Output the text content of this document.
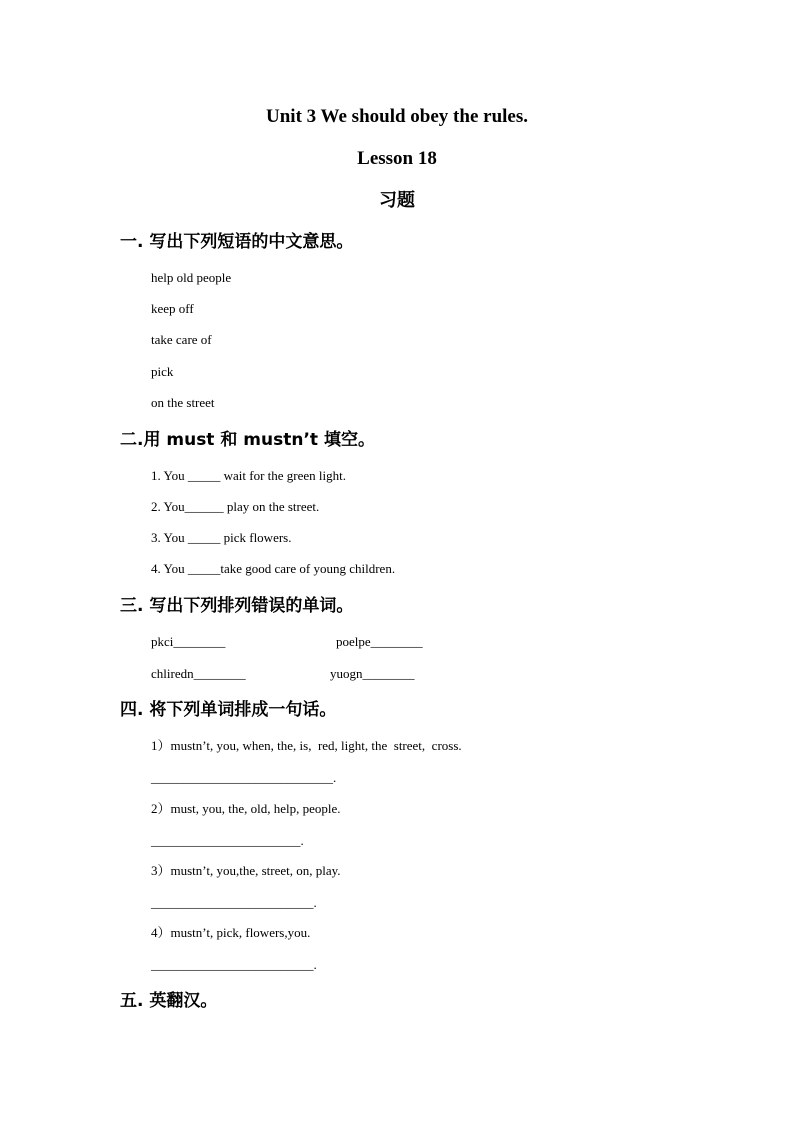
Unit 3 We should obey the rules.
Lesson 18
习题

一. 写出下列短语的中文意思。

help old people

keep off

take care of

pick

on the street

二.用 must 和 mustn’t 填空。

1. You _____ wait for the green light.

2. You______ play on the street.

3. You _____ pick flowers.

4. You _____take good care of young children.

三. 写出下列排列错误的单词。

pkci________	poelpe________

chliredn________	yuogn________

四. 将下列单词排成一句话。

1）mustn’t, you, when, the, is,  red, light, the  street,  cross.

____________________________.

2）must, you, the, old, help, people.

_______________________.

3）mustn’t, you,the, street, on, play.

_________________________.

4）mustn’t, pick, flowers,you.

_________________________.

五. 英翻汉。
